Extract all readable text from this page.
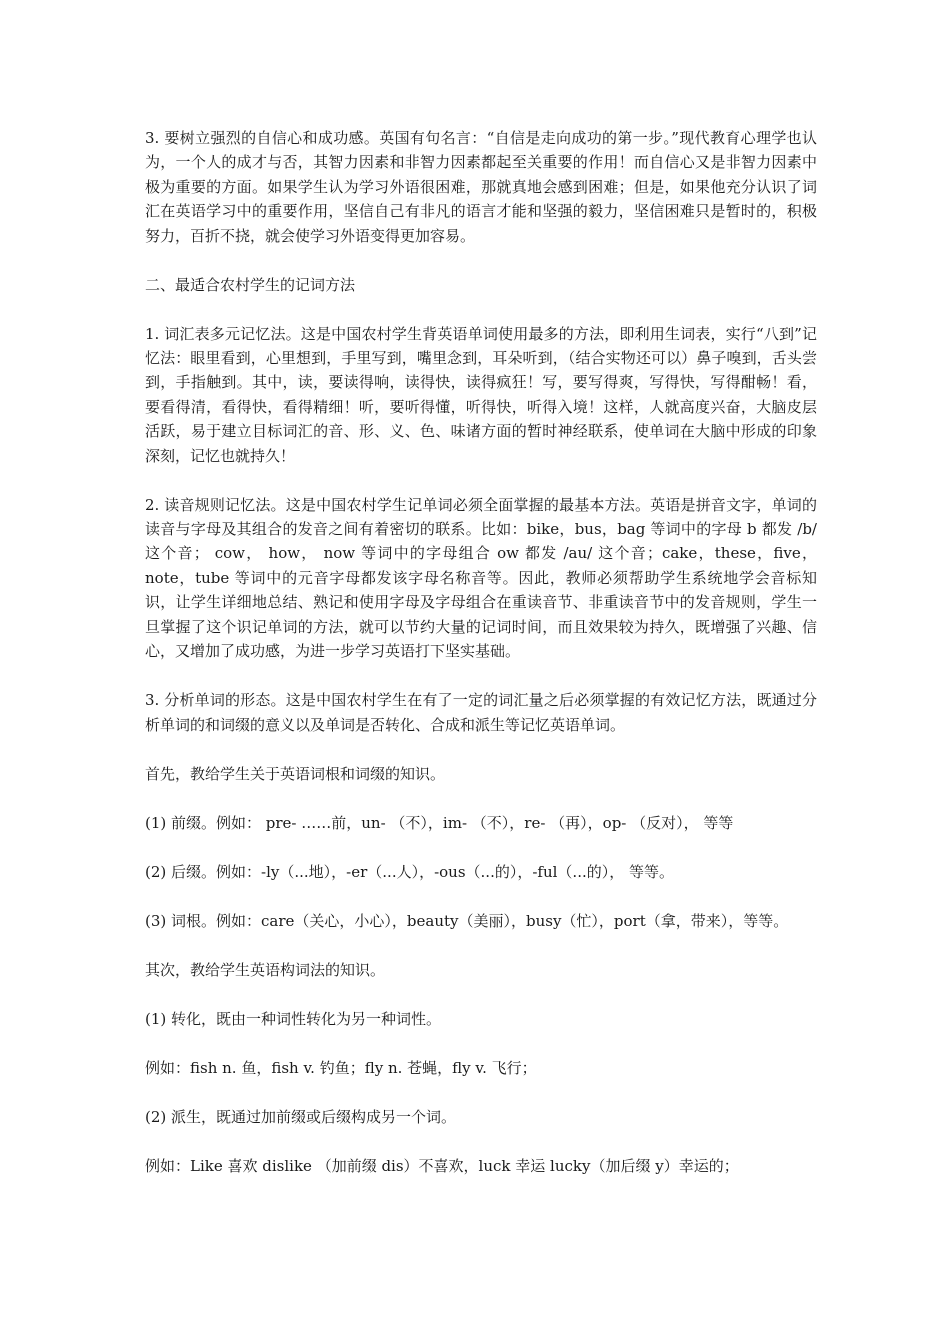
3. 要树立强烈的自信心和成功感。英国有句名言：“自信是走向成功的第一步。”现代教育心理学也认为，一个人的成才与否，其智力因素和非智力因素都起至关重要的作用！而自信心又是非智力因素中极为重要的方面。如果学生认为学习外语很困难，那就真地会感到困难；但是，如果他充分认识了词汇在英语学习中的重要作用，坚信自己有非凡的语言才能和坚强的毅力，坚信困难只是暂时的，积极努力，百折不挠，就会使学习外语变得更加容易。

二、最适合农村学生的记词方法

1. 词汇表多元记忆法。这是中国农村学生背英语单词使用最多的方法，即利用生词表，实行“八到”记忆法：眼里看到，心里想到，手里写到，嘴里念到，耳朵听到，（结合实物还可以）鼻子嗅到，舌头尝到，手指触到。其中，读，要读得响，读得快，读得疯狂！写，要写得爽，写得快，写得酣畅！看，要看得清，看得快，看得精细！听，要听得懂，听得快，听得入境！这样，人就高度兴奋，大脑皮层活跃，易于建立目标词汇的音、形、义、色、味诸方面的暂时神经联系，使单词在大脑中形成的印象深刻，记忆也就持久！

2. 读音规则记忆法。这是中国农村学生记单词必须全面掌握的最基本方法。英语是拼音文字，单词的读音与字母及其组合的发音之间有着密切的联系。比如：bike，bus，bag 等词中的字母 b 都发 /b/ 这个音； cow， how， now 等词中的字母组合 ow 都发 /au/ 这个音；cake，these，five，note，tube 等词中的元音字母都发该字母名称音等。因此，教师必须帮助学生系统地学会音标知识，让学生详细地总结、熟记和使用字母及字母组合在重读音节、非重读音节中的发音规则，学生一旦掌握了这个识记单词的方法，就可以节约大量的记词时间，而且效果较为持久，既增强了兴趣、信心，又增加了成功感，为进一步学习英语打下坚实基础。

3. 分析单词的形态。这是中国农村学生在有了一定的词汇量之后必须掌握的有效记忆方法，既通过分析单词的和词缀的意义以及单词是否转化、合成和派生等记忆英语单词。

首先，教给学生关于英语词根和词缀的知识。

(1) 前缀。例如： pre- ……前，un- （不），im- （不），re- （再），op- （反对）， 等等

(2) 后缀。例如：-ly（...地），-er（...人），-ous（...的），-ful（...的）， 等等。

(3) 词根。例如：care（关心，小心），beauty（美丽），busy（忙），port（拿，带来），等等。

其次，教给学生英语构词法的知识。

(1) 转化，既由一种词性转化为另一种词性。

例如：fish n. 鱼，fish v. 钓鱼；fly n. 苍蝇，fly v. 飞行；

(2) 派生，既通过加前缀或后缀构成另一个词。

例如：Like 喜欢 dislike （加前缀 dis）不喜欢，luck 幸运 lucky（加后缀 y）幸运的；
